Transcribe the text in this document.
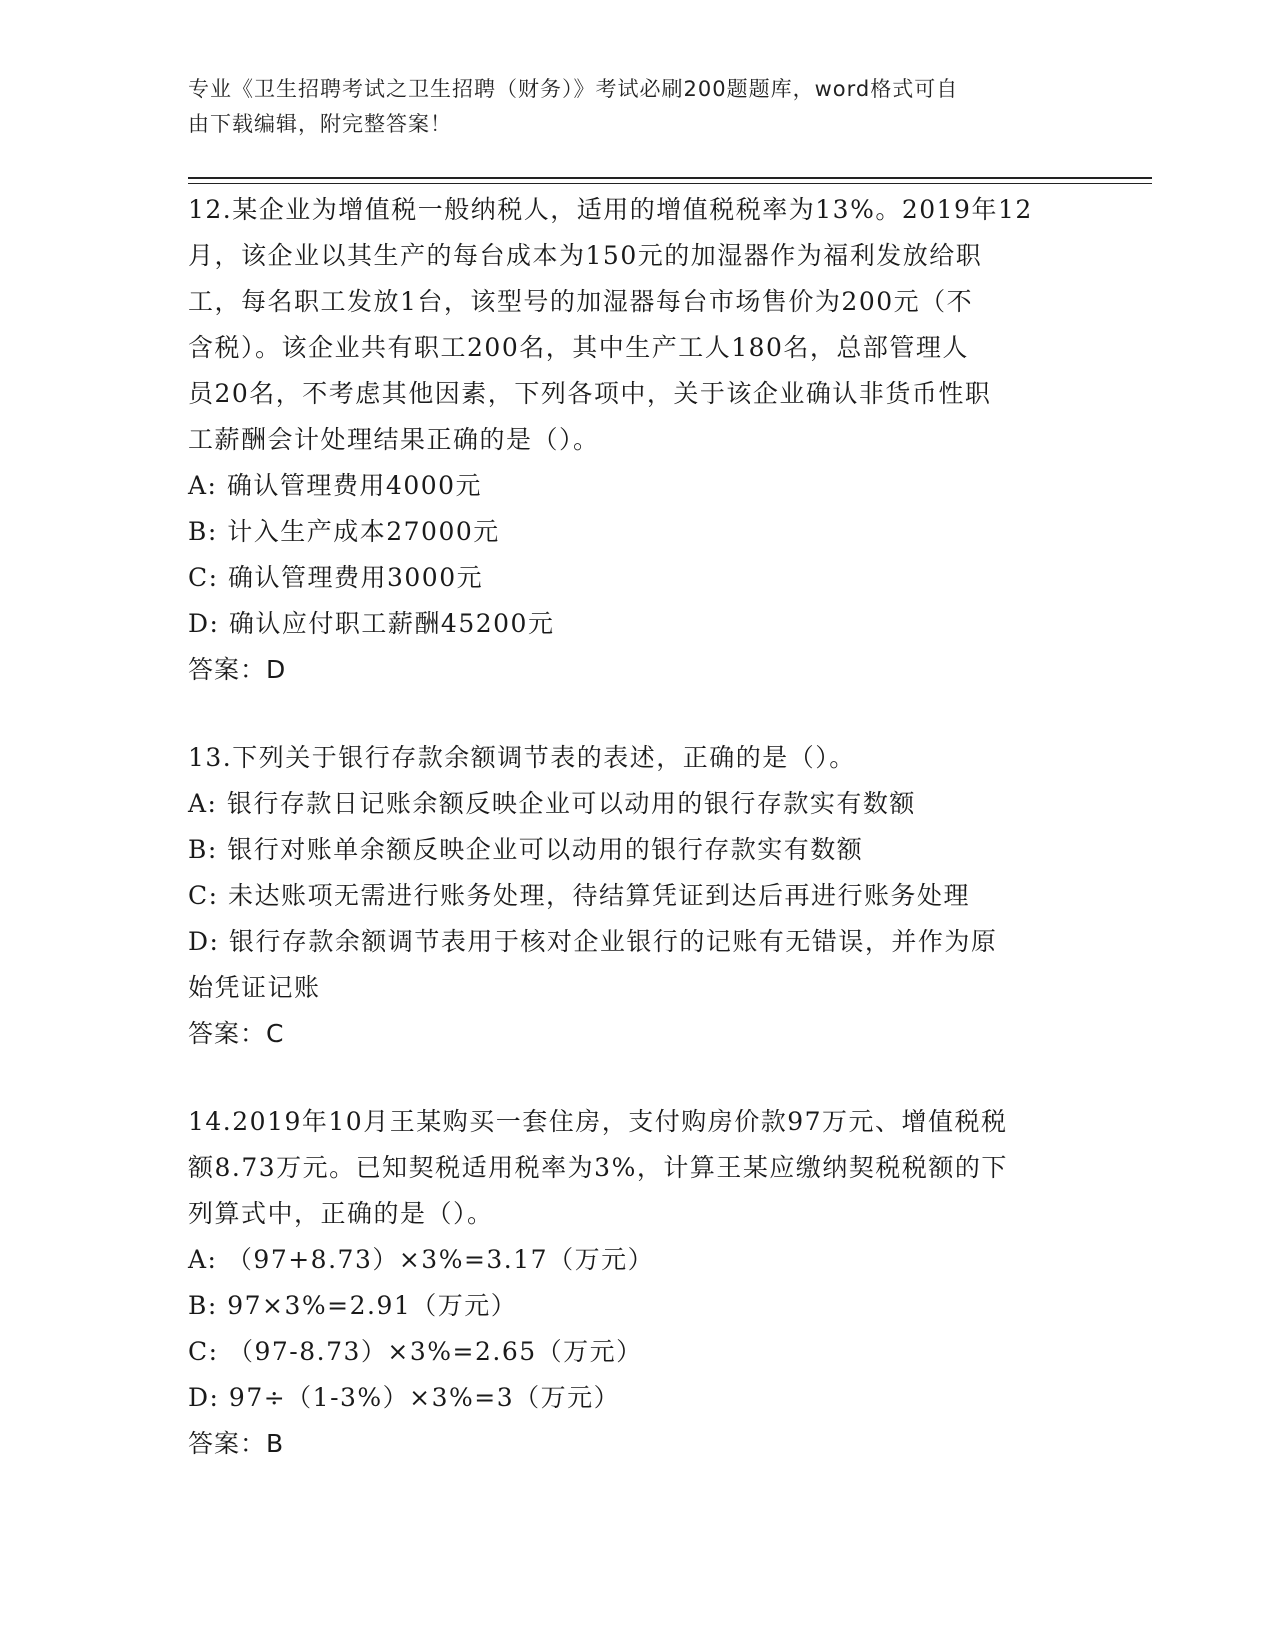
专业《卫生招聘考试之卫生招聘（财务）》考试必刷200题题库，word格式可自
由下载编辑，附完整答案！
12.某企业为增值税一般纳税人，适用的增值税税率为13%。2019年12
月，该企业以其生产的每台成本为150元的加湿器作为福利发放给职
工，每名职工发放1台，该型号的加湿器每台市场售价为200元（不
含税）。该企业共有职工200名，其中生产工人180名，总部管理人
员20名，不考虑其他因素，下列各项中，关于该企业确认非货币性职
工薪酬会计处理结果正确的是（）。
A: 确认管理费用4000元
B: 计入生产成本27000元
C: 确认管理费用3000元
D: 确认应付职工薪酬45200元
答案：D
13.下列关于银行存款余额调节表的表述，正确的是（）。
A: 银行存款日记账余额反映企业可以动用的银行存款实有数额
B: 银行对账单余额反映企业可以动用的银行存款实有数额
C: 未达账项无需进行账务处理，待结算凭证到达后再进行账务处理
D: 银行存款余额调节表用于核对企业银行的记账有无错误，并作为原
始凭证记账
答案：C
14.2019年10月王某购买一套住房，支付购房价款97万元、增值税税
额8.73万元。已知契税适用税率为3%，计算王某应缴纳契税税额的下
列算式中，正确的是（）。
A: （97+8.73）×3%=3.17（万元）
B: 97×3%=2.91（万元）
C: （97-8.73）×3%=2.65（万元）
D: 97÷（1-3%）×3%=3（万元）
答案：B
